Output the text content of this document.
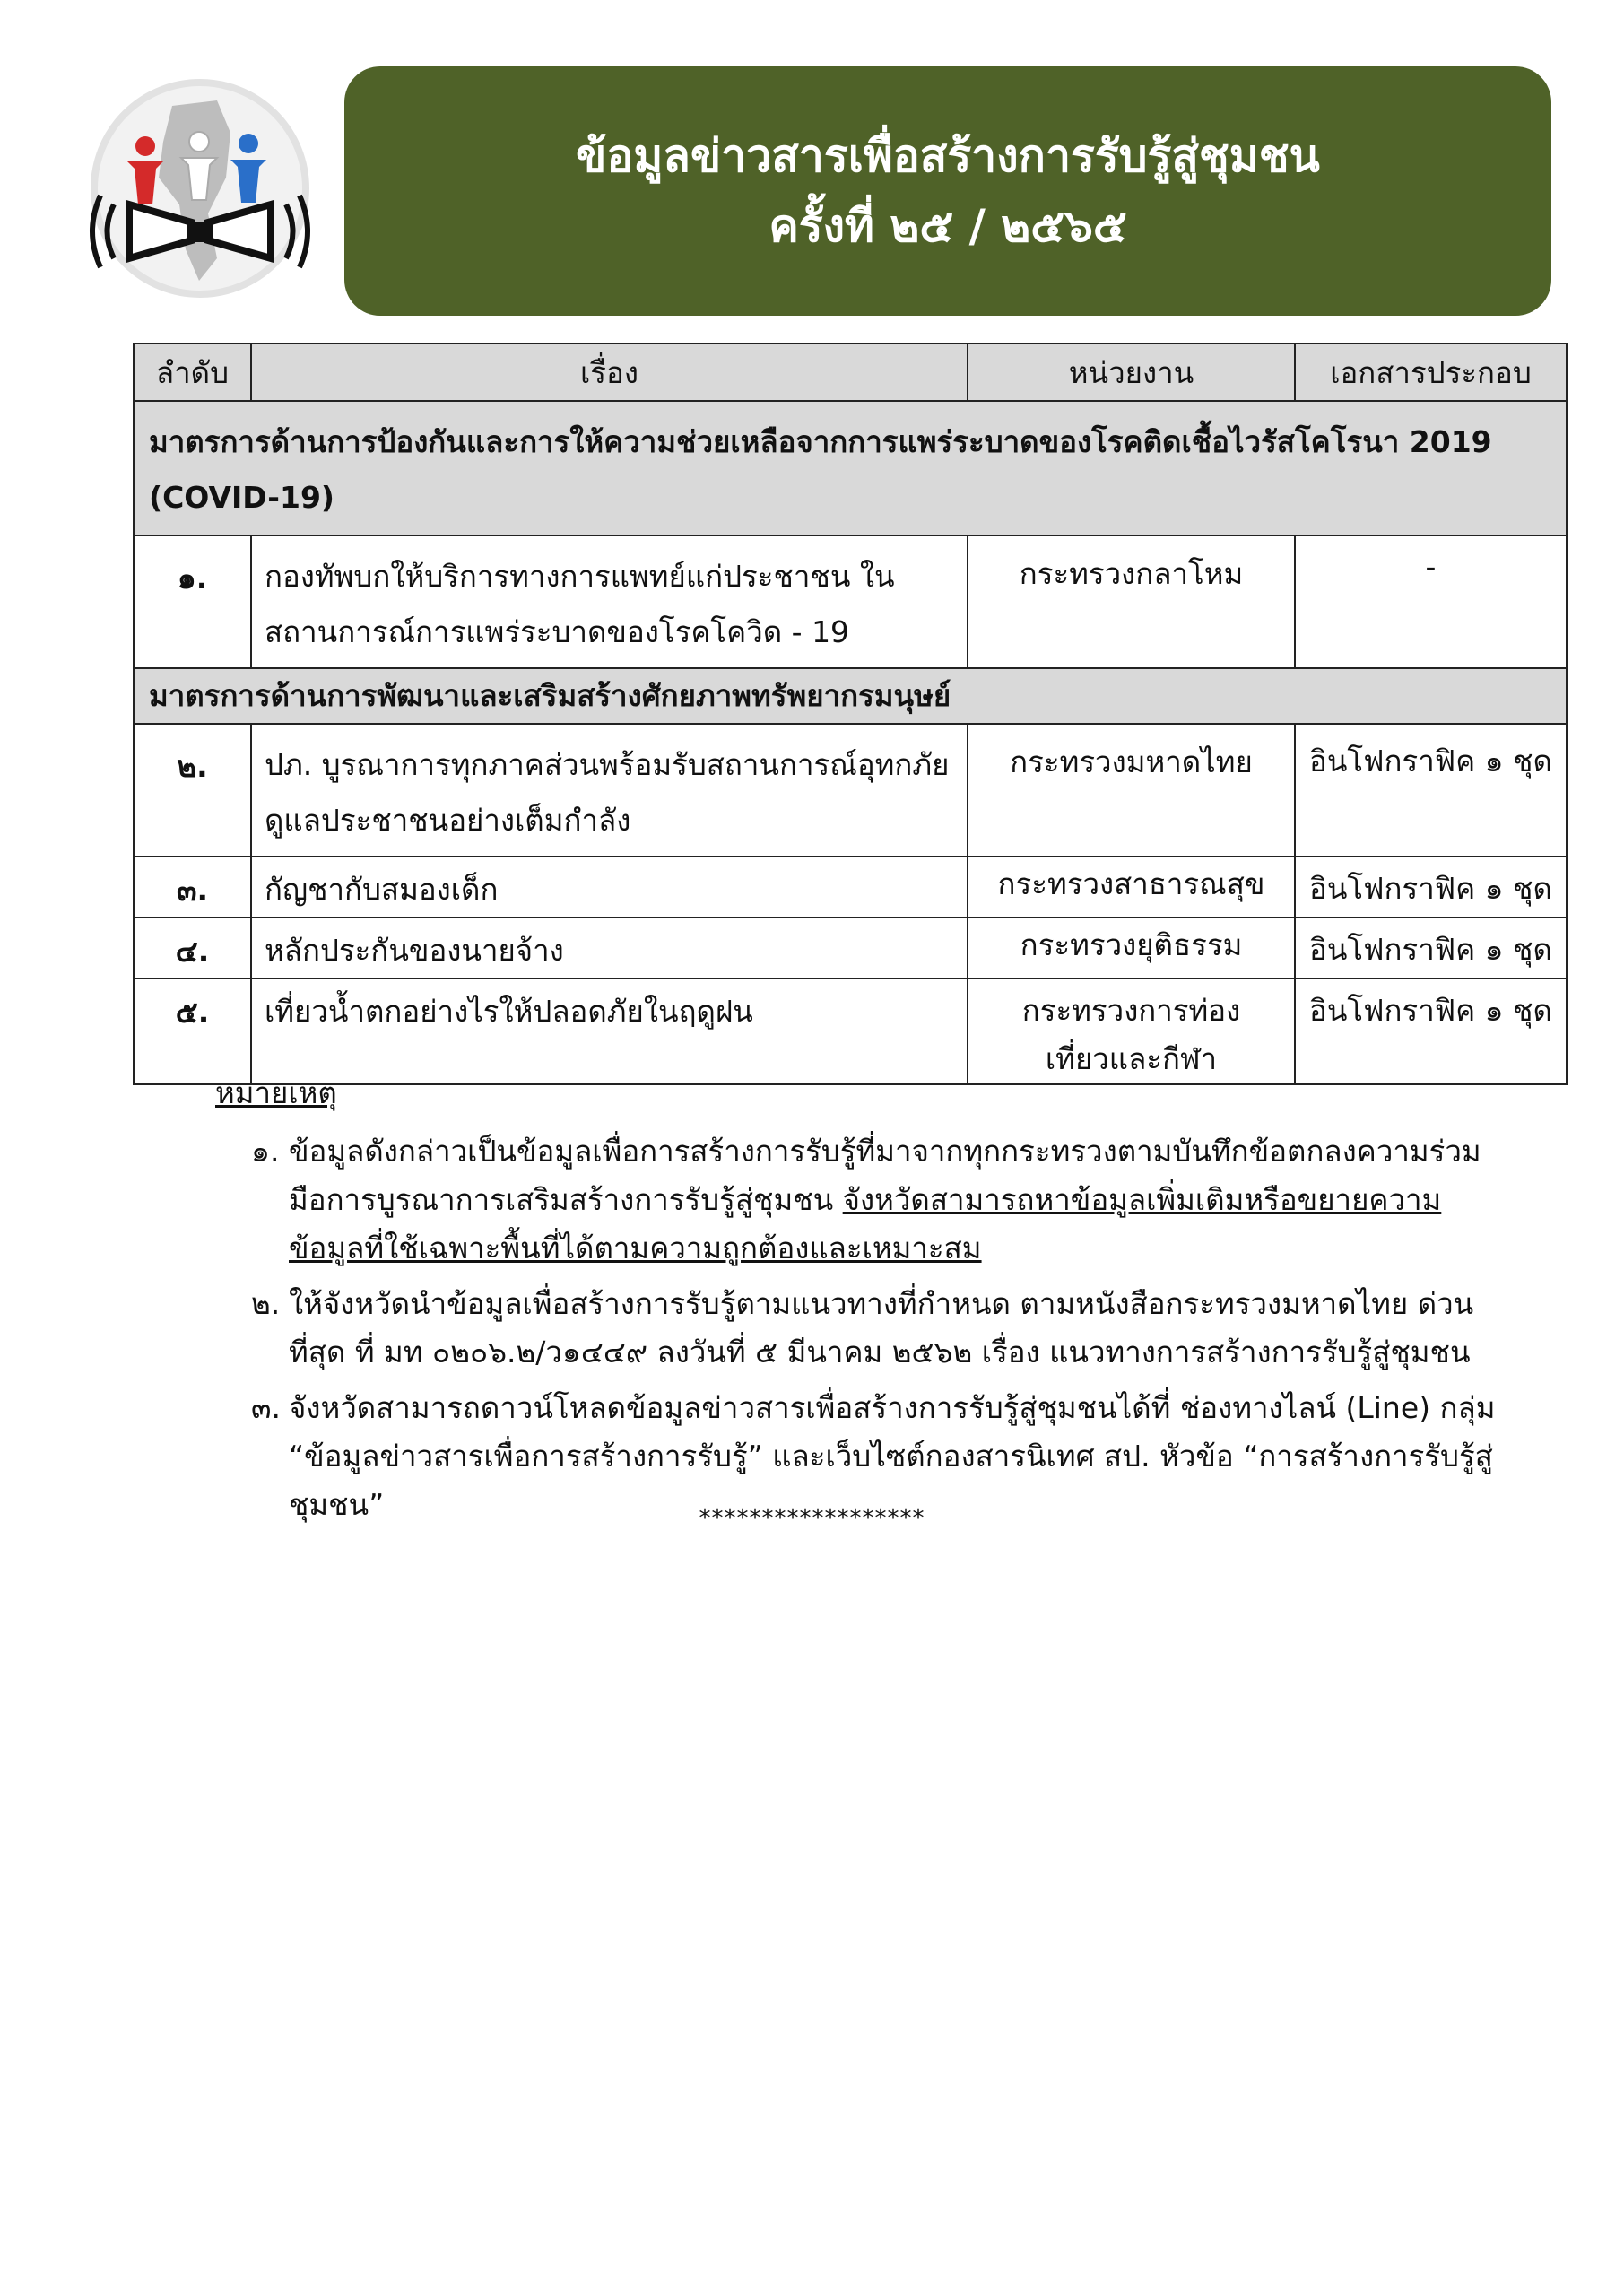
ข้อมูลข่าวสารเพื่อสร้างการรับรู้สู่ชุมชน
ครั้งที่ ๒๕ / ๒๕๖๕
ลำดับ	เรื่อง	หน่วยงาน	เอกสารประกอบ
มาตรการด้านการป้องกันและการให้ความช่วยเหลือจากการแพร่ระบาดของโรคติดเชื้อไวรัสโคโรนา 2019 (COVID-19)			
๑.	กองทัพบกให้บริการทางการแพทย์แก่ประชาชน ในสถานการณ์การแพร่ระบาดของโรคโควิด - 19	กระทรวงกลาโหม	-
มาตรการด้านการพัฒนาและเสริมสร้างศักยภาพทรัพยากรมนุษย์			
๒.	ปภ. บูรณาการทุกภาคส่วนพร้อมรับสถานการณ์อุทกภัย ดูแลประชาชนอย่างเต็มกำลัง	กระทรวงมหาดไทย	อินโฟกราฟิค ๑ ชุด
๓.	กัญชากับสมองเด็ก	กระทรวงสาธารณสุข	อินโฟกราฟิค ๑ ชุด
๔.	หลักประกันของนายจ้าง	กระทรวงยุติธรรม	อินโฟกราฟิค ๑ ชุด
๕.	เที่ยวน้ำตกอย่างไรให้ปลอดภัยในฤดูฝน	กระทรวงการท่องเที่ยวและกีฬา	อินโฟกราฟิค ๑ ชุด
หมายเหตุ
๑. ข้อมูลดังกล่าวเป็นข้อมูลเพื่อการสร้างการรับรู้ที่มาจากทุกกระทรวงตามบันทึกข้อตกลงความร่วมมือการบูรณาการเสริมสร้างการรับรู้สู่ชุมชน จังหวัดสามารถหาข้อมูลเพิ่มเติมหรือขยายความข้อมูลที่ใช้เฉพาะพื้นที่ได้ตามความถูกต้องและเหมาะสม
๒. ให้จังหวัดนำข้อมูลเพื่อสร้างการรับรู้ตามแนวทางที่กำหนด ตามหนังสือกระทรวงมหาดไทย ด่วนที่สุด ที่ มท ๐๒๐๖.๒/ว๑๔๔๙ ลงวันที่ ๕ มีนาคม ๒๕๖๒ เรื่อง แนวทางการสร้างการรับรู้สู่ชุมชน
๓. จังหวัดสามารถดาวน์โหลดข้อมูลข่าวสารเพื่อสร้างการรับรู้สู่ชุมชนได้ที่ ช่องทางไลน์ (Line) กลุ่ม “ข้อมูลข่าวสารเพื่อการสร้างการรับรู้” และเว็บไซต์กองสารนิเทศ สป. หัวข้อ “การสร้างการรับรู้สู่ชุมชน”	******************
